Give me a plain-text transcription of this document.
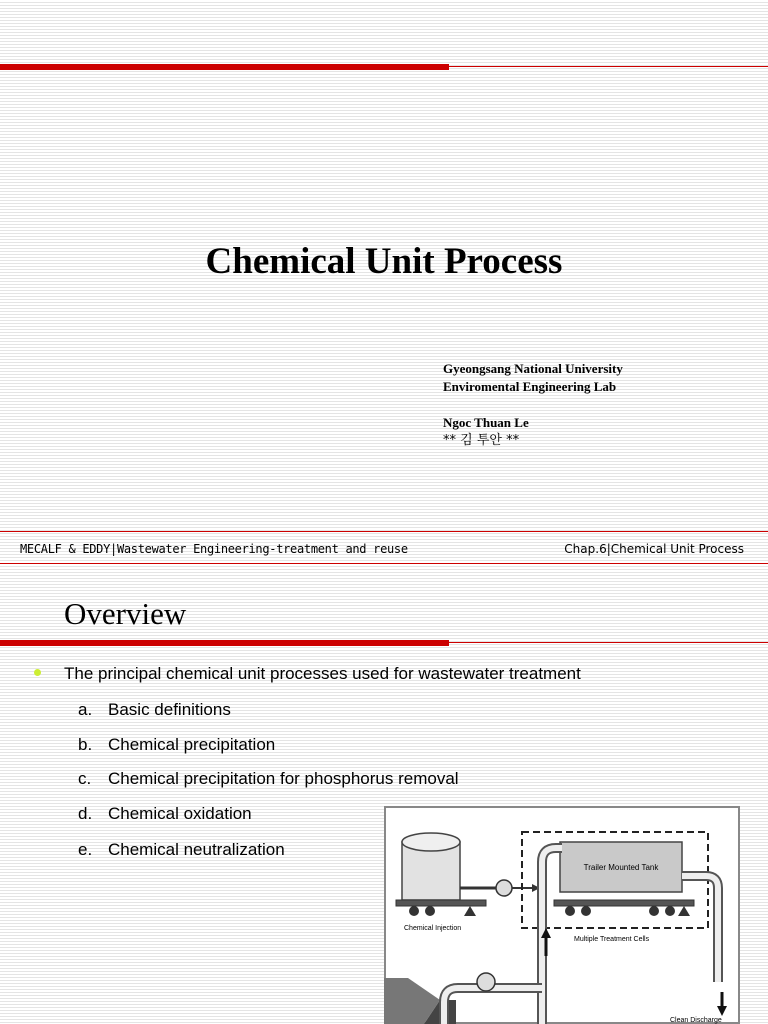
Chemical Unit Process
Gyeongsang National University
Enviromental Engineering Lab
Ngoc Thuan Le
** 김 투안 **
MECALF & EDDY|Wastewater Engineering-treatment and reuse	Chap.6|Chemical Unit Process
Overview
The principal chemical unit processes used for wastewater treatment
a. Basic definitions
b. Chemical precipitation
c. Chemical precipitation for phosphorus removal
d. Chemical oxidation
e. Chemical neutralization
Trailer Mounted Tank
Chemical Injection
Multiple Treatment Cells
Clean Discharge
